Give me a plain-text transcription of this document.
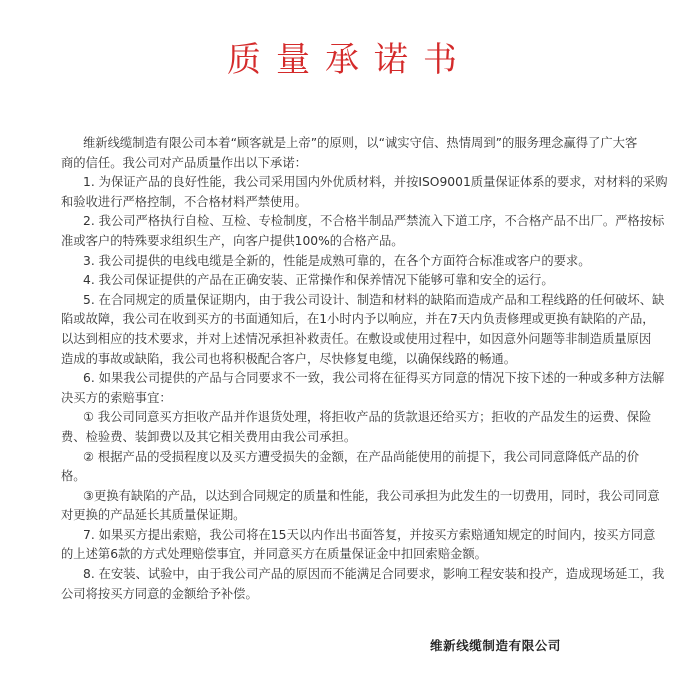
质量承诺书
维新线缆制造有限公司本着“顾客就是上帝”的原则，以“诚实守信、热情周到”的服务理念赢得了广大客
商的信任。我公司对产品质量作出以下承诺：
1. 为保证产品的良好性能，我公司采用国内外优质材料，并按ISO9001质量保证体系的要求，对材料的采购
和验收进行严格控制，不合格材料严禁使用。
2. 我公司严格执行自检、互检、专检制度，不合格半制品严禁流入下道工序，不合格产品不出厂。严格按标
准或客户的特殊要求组织生产，向客户提供100%的合格产品。
3. 我公司提供的电线电缆是全新的，性能是成熟可靠的，在各个方面符合标准或客户的要求。
4. 我公司保证提供的产品在正确安装、正常操作和保养情况下能够可靠和安全的运行。
5. 在合同规定的质量保证期内，由于我公司设计、制造和材料的缺陷而造成产品和工程线路的任何破坏、缺
陷或故障，我公司在收到买方的书面通知后，在1小时内予以响应，并在7天内负责修理或更换有缺陷的产品，
以达到相应的技术要求，并对上述情况承担补救责任。在敷设或使用过程中，如因意外问题等非制造质量原因
造成的事故或缺陷，我公司也将积极配合客户，尽快修复电缆，以确保线路的畅通。
6. 如果我公司提供的产品与合同要求不一致，我公司将在征得买方同意的情况下按下述的一种或多种方法解
决买方的索赔事宜：
① 我公司同意买方拒收产品并作退货处理，将拒收产品的货款退还给买方；拒收的产品发生的运费、保险
费、检验费、装卸费以及其它相关费用由我公司承担。
② 根据产品的受损程度以及买方遭受损失的金额，在产品尚能使用的前提下，我公司同意降低产品的价
格。
③更换有缺陷的产品，以达到合同规定的质量和性能，我公司承担为此发生的一切费用，同时，我公司同意
对更换的产品延长其质量保证期。
7. 如果买方提出索赔，我公司将在15天以内作出书面答复，并按买方索赔通知规定的时间内，按买方同意
的上述第6款的方式处理赔偿事宜，并同意买方在质量保证金中扣回索赔金额。
8. 在安装、试验中，由于我公司产品的原因而不能满足合同要求，影响工程安装和投产，造成现场延工，我
公司将按买方同意的金额给予补偿。
维新线缆制造有限公司
